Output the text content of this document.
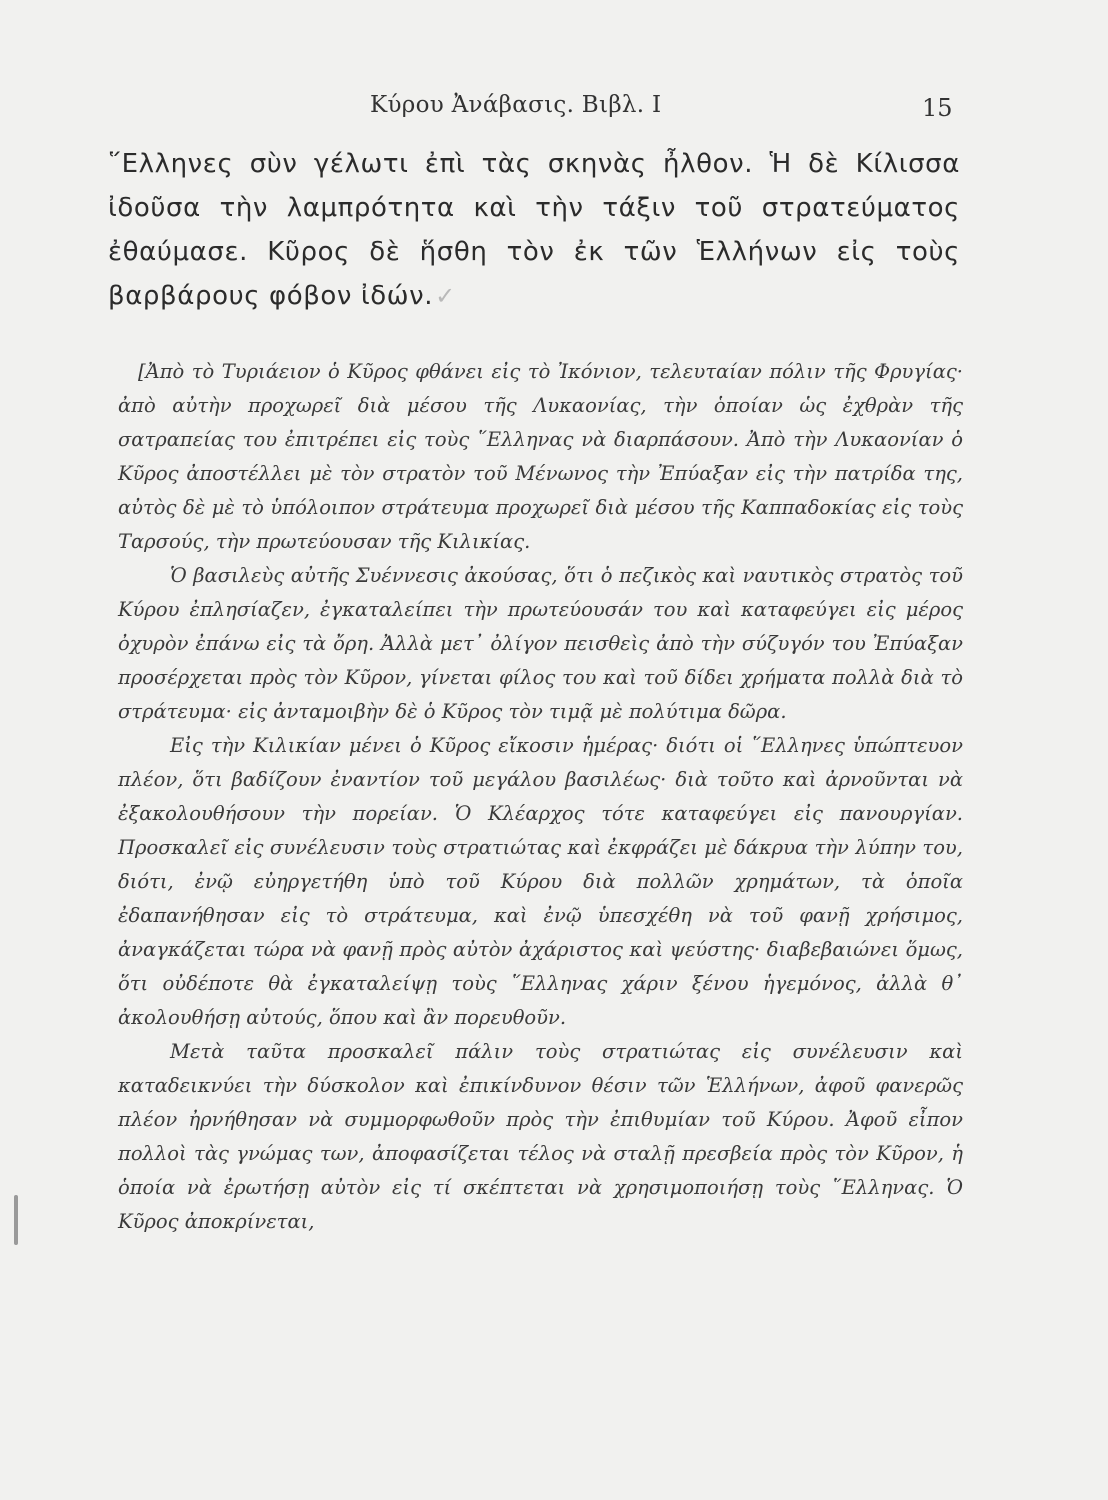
Κύρου Ἀνάβασις. Βιβλ. Ι	15

῞Ελληνες σὺν γέλωτι ἐπὶ τὰς σκηνὰς ἦλθον. Ἡ δὲ Κίλισσα ἰδοῦσα τὴν λαμπρότητα καὶ τὴν τάξιν τοῦ στρατεύματος ἐθαύμασε. Κῦρος δὲ ἥσθη τὸν ἐκ τῶν Ἑλλήνων εἰς τοὺς βαρβάρους φόβον ἰδών.✓

[Ἀπὸ τὸ Τυριάειον ὁ Κῦρος φθάνει εἰς τὸ Ἰκόνιον, τελευταίαν πόλιν τῆς Φρυγίας· ἀπὸ αὐτὴν προχωρεῖ διὰ μέσου τῆς Λυκαονίας, τὴν ὁποίαν ὡς ἐχθρὰν τῆς σατραπείας του ἐπιτρέπει εἰς τοὺς ῞Ελληνας νὰ διαρπάσουν. Ἀπὸ τὴν Λυκαονίαν ὁ Κῦρος ἀποστέλλει μὲ τὸν στρατὸν τοῦ Μένωνος τὴν Ἐπύαξαν εἰς τὴν πατρίδα της, αὐτὸς δὲ μὲ τὸ ὑπόλοιπον στράτευμα προχωρεῖ διὰ μέσου τῆς Καππαδοκίας εἰς τοὺς Ταρσούς, τὴν πρωτεύουσαν τῆς Κιλικίας.

Ὁ βασιλεὺς αὐτῆς Συέννεσις ἀκούσας, ὅτι ὁ πεζικὸς καὶ ναυτικὸς στρατὸς τοῦ Κύρου ἐπλησίαζεν, ἐγκαταλείπει τὴν πρωτεύουσάν του καὶ καταφεύγει εἰς μέρος ὀχυρὸν ἐπάνω εἰς τὰ ὄρη. Ἀλλὰ μετ᾽ ὀλίγον πεισθεὶς ἀπὸ τὴν σύζυγόν του Ἐπύαξαν προσέρχεται πρὸς τὸν Κῦρον, γίνεται φίλος του καὶ τοῦ δίδει χρήματα πολλὰ διὰ τὸ στράτευμα· εἰς ἀνταμοιβὴν δὲ ὁ Κῦρος τὸν τιμᾷ μὲ πολύτιμα δῶρα.

Εἰς τὴν Κιλικίαν μένει ὁ Κῦρος εἴκοσιν ἡμέρας· διότι οἱ ῞Ελληνες ὑπώπτευον πλέον, ὅτι βαδίζουν ἐναντίον τοῦ μεγάλου βασιλέως· διὰ τοῦτο καὶ ἀρνοῦνται νὰ ἐξακολουθήσουν τὴν πορείαν. Ὁ Κλέαρχος τότε καταφεύγει εἰς πανουργίαν. Προσκαλεῖ εἰς συνέλευσιν τοὺς στρατιώτας καὶ ἐκφράζει μὲ δάκρυα τὴν λύπην του, διότι, ἐνῷ εὐηργετήθη ὑπὸ τοῦ Κύρου διὰ πολλῶν χρημάτων, τὰ ὁποῖα ἐδαπανήθησαν εἰς τὸ στράτευμα, καὶ ἐνῷ ὑπεσχέθη νὰ τοῦ φανῇ χρήσιμος, ἀναγκάζεται τώρα νὰ φανῇ πρὸς αὐτὸν ἀχάριστος καὶ ψεύστης· διαβεβαιώνει ὅμως, ὅτι οὐδέποτε θὰ ἐγκαταλείψῃ τοὺς ῞Ελληνας χάριν ξένου ἡγεμόνος, ἀλλὰ θ᾽ ἀκολουθήσῃ αὐτούς, ὅπου καὶ ἂν πορευθοῦν.

Μετὰ ταῦτα προσκαλεῖ πάλιν τοὺς στρατιώτας εἰς συνέλευσιν καὶ καταδεικνύει τὴν δύσκολον καὶ ἐπικίνδυνον θέσιν τῶν Ἑλλήνων, ἀφοῦ φανερῶς πλέον ἠρνήθησαν νὰ συμμορφωθοῦν πρὸς τὴν ἐπιθυμίαν τοῦ Κύρου. Ἀφοῦ εἶπον πολλοὶ τὰς γνώμας των, ἀποφασίζεται τέλος νὰ σταλῇ πρεσβεία πρὸς τὸν Κῦρον, ἡ ὁποία νὰ ἐρωτήσῃ αὐτὸν εἰς τί σκέπτεται νὰ χρησιμοποιήσῃ τοὺς ῞Ελληνας. Ὁ Κῦρος ἀποκρίνεται,
